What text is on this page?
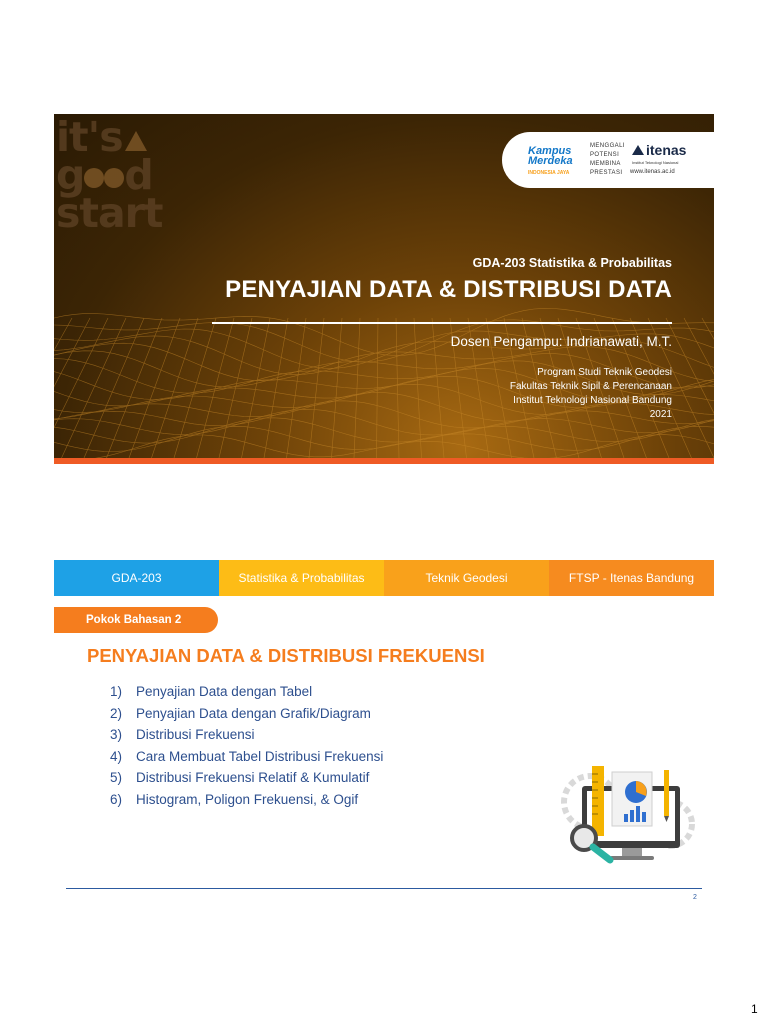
it's
g d
start
Kampus
Merdeka
INDONESIA JAYA
MENGGALI
POTENSI
MEMBINA
PRESTASI
itenas
Institut Teknologi Nasional
www.itenas.ac.id
GDA-203 Statistika & Probabilitas
PENYAJIAN DATA & DISTRIBUSI DATA
Dosen Pengampu: Indrianawati, M.T.
Program Studi Teknik Geodesi
Fakultas Teknik Sipil & Perencanaan
Institut Teknologi Nasional Bandung
2021
GDA-203	Statistika & Probabilitas	Teknik Geodesi	FTSP - Itenas Bandung
Pokok Bahasan 2
PENYAJIAN DATA & DISTRIBUSI FREKUENSI
1)	Penyajian Data dengan Tabel
2)	Penyajian Data dengan Grafik/Diagram
3)	Distribusi Frekuensi
4)	Cara Membuat Tabel Distribusi Frekuensi
5)	Distribusi Frekuensi Relatif & Kumulatif
6)	Histogram, Poligon Frekuensi, & Ogif
2
1
